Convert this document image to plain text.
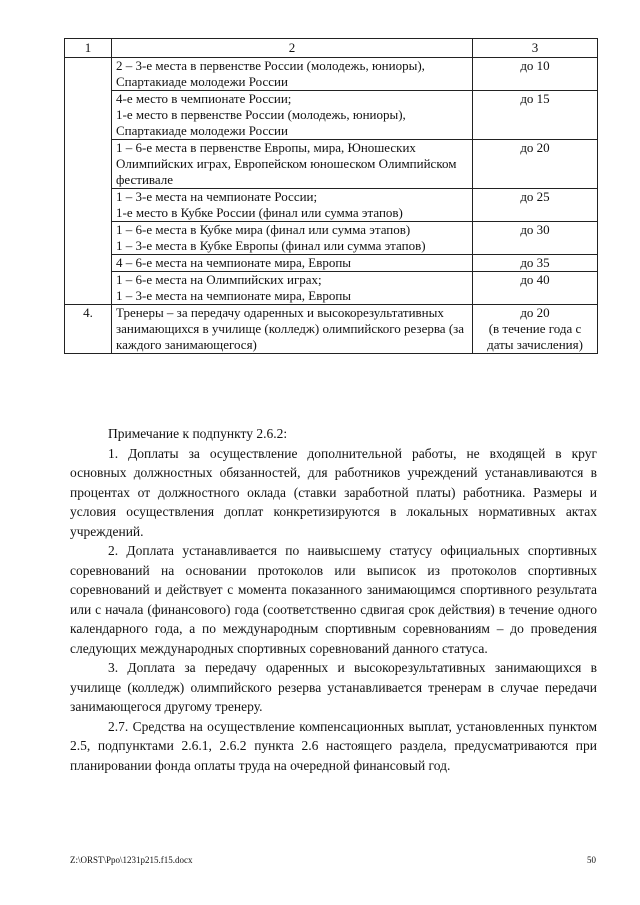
1	2	3
	2 – 3-е места в первенстве России (молодежь, юниоры), Спартакиаде молодежи России	до 10
	4-е место в чемпионате России;
1-е место в первенстве России (молодежь, юниоры), Спартакиаде молодежи России	до 15
	1 – 6-е места в первенстве Европы, мира, Юношеских Олимпийских играх, Европейском юношеском Олимпийском фестивале	до 20
	1 – 3-е места на чемпионате России;
1-е место в Кубке России (финал или сумма этапов)	до 25
	1 – 6-е места в Кубке мира (финал или сумма этапов)
1 – 3-е места в Кубке Европы (финал или сумма этапов)	до 30
	4 – 6-е места на чемпионате мира, Европы	до 35
	1 – 6-е места на Олимпийских играх;
1 – 3-е места на чемпионате мира, Европы	до 40
4.	Тренеры – за передачу одаренных и высокорезультативных занимающихся в училище (колледж) олимпийского резерва (за каждого занимающегося)	до 20
(в течение года с даты зачисления)

Примечание к подпункту 2.6.2:

1. Доплаты за осуществление дополнительной работы, не входящей в круг основных должностных обязанностей, для работников учреждений устанавливаются в процентах от должностного оклада (ставки заработной платы) работника. Размеры и условия осуществления доплат конкретизируются в локальных нормативных актах учреждений.

2. Доплата устанавливается по наивысшему статусу официальных спортивных соревнований на основании протоколов или выписок из протоколов спортивных соревнований и действует с момента показанного занимающимся спортивного результата или с начала (финансового) года (соответственно сдвигая срок действия) в течение одного календарного года, а по международным спортивным соревнованиям – до проведения следующих международных спортивных соревнований данного статуса.

3. Доплата за передачу одаренных и высокорезультативных занимающихся в училище (колледж) олимпийского резерва устанавливается тренерам в случае передачи занимающегося другому тренеру.

2.7. Средства на осуществление компенсационных выплат, установленных пунктом 2.5, подпунктами 2.6.1, 2.6.2 пункта 2.6 настоящего раздела, предусматриваются при планировании фонда оплаты труда на очередной финансовый год.

Z:\ORST\Ppo\1231p215.f15.docx	50
